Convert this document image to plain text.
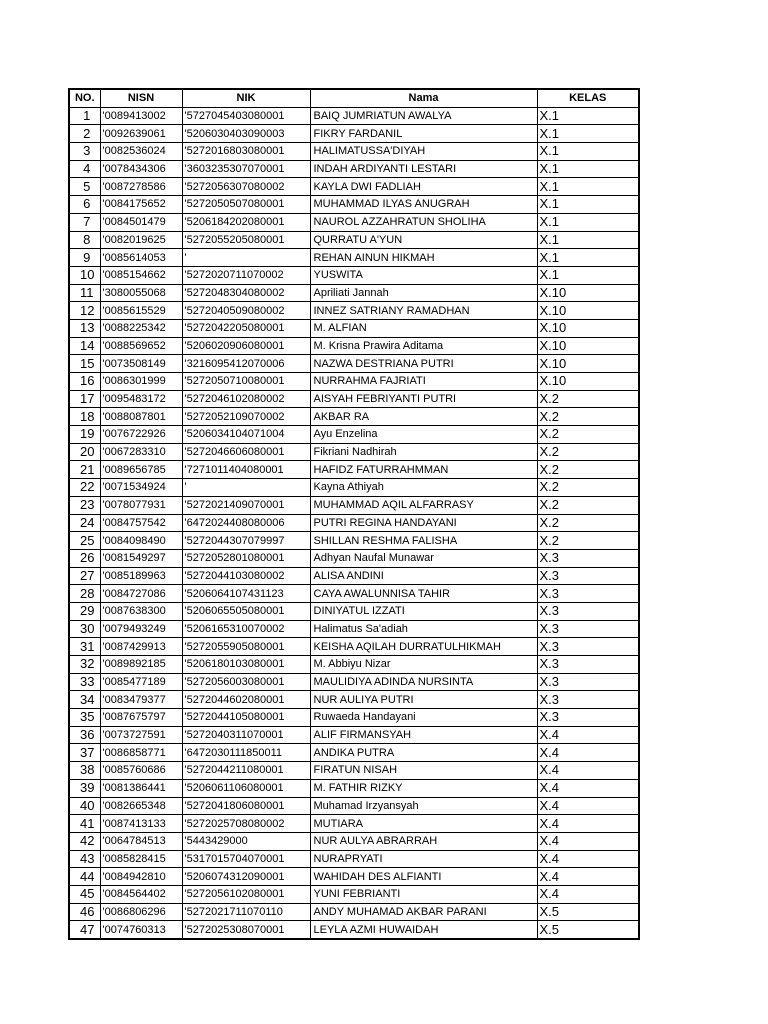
NO.	NISN	NIK	Nama	KELAS
1	'0089413002	'5727045403080001	BAIQ JUMRIATUN AWALYA	X.1
2	'0092639061	'5206030403090003	FIKRY FARDANIL	X.1
3	'0082536024	'5272016803080001	HALIMATUSSA'DIYAH	X.1
4	'0078434306	'3603235307070001	INDAH ARDIYANTI LESTARI	X.1
5	'0087278586	'5272056307080002	KAYLA DWI FADLIAH	X.1
6	'0084175652	'5272050507080001	MUHAMMAD ILYAS ANUGRAH	X.1
7	'0084501479	'5206184202080001	NAUROL AZZAHRATUN SHOLIHA	X.1
8	'0082019625	'5272055205080001	QURRATU A'YUN	X.1
9	'0085614053	'	REHAN AINUN HIKMAH	X.1
10	'0085154662	'5272020711070002	YUSWITA	X.1
11	'3080055068	'5272048304080002	Apriliati Jannah	X.10
12	'0085615529	'5272040509080002	INNEZ SATRIANY RAMADHAN	X.10
13	'0088225342	'5272042205080001	M. ALFIAN	X.10
14	'0088569652	'5206020906080001	M. Krisna Prawira Aditama	X.10
15	'0073508149	'3216095412070006	NAZWA DESTRIANA PUTRI	X.10
16	'0086301999	'5272050710080001	NURRAHMA FAJRIATI	X.10
17	'0095483172	'5272046102080002	AISYAH FEBRIYANTI PUTRI	X.2
18	'0088087801	'5272052109070002	AKBAR RA	X.2
19	'0076722926	'5206034104071004	Ayu Enzelina	X.2
20	'0067283310	'5272046606080001	Fikriani Nadhirah	X.2
21	'0089656785	'7271011404080001	HAFIDZ FATURRAHMMAN	X.2
22	'0071534924	'	Kayna Athiyah	X.2
23	'0078077931	'5272021409070001	MUHAMMAD AQIL ALFARRASY	X.2
24	'0084757542	'6472024408080006	PUTRI REGINA HANDAYANI	X.2
25	'0084098490	'5272044307079997	SHILLAN RESHMA FALISHA	X.2
26	'0081549297	'5272052801080001	Adhyan Naufal Munawar	X.3
27	'0085189963	'5272044103080002	ALISA ANDINI	X.3
28	'0084727086	'5206064107431123	CAYA AWALUNNISA TAHIR	X.3
29	'0087638300	'5206065505080001	DINIYATUL IZZATI	X.3
30	'0079493249	'5206165310070002	Halimatus Sa'adiah	X.3
31	'0087429913	'5272055905080001	KEISHA AQILAH DURRATULHIKMAH	X.3
32	'0089892185	'5206180103080001	M. Abbiyu Nizar	X.3
33	'0085477189	'5272056003080001	MAULIDIYA ADINDA NURSINTA	X.3
34	'0083479377	'5272044602080001	NUR AULIYA PUTRI	X.3
35	'0087675797	'5272044105080001	Ruwaeda Handayani	X.3
36	'0073727591	'5272040311070001	ALIF FIRMANSYAH	X.4
37	'0086858771	'6472030111850011	ANDIKA PUTRA	X.4
38	'0085760686	'5272044211080001	FIRATUN NISAH	X.4
39	'0081386441	'5206061106080001	M. FATHIR RIZKY	X.4
40	'0082665348	'5272041806080001	Muhamad Irzyansyah	X.4
41	'0087413133	'5272025708080002	MUTIARA	X.4
42	'0064784513	'5443429000	NUR AULYA ABRARRAH	X.4
43	'0085828415	'5317015704070001	NURAPRYATI	X.4
44	'0084942810	'5206074312090001	WAHIDAH DES ALFIANTI	X.4
45	'0084564402	'5272056102080001	YUNI FEBRIANTI	X.4
46	'0086806296	'5272021711070110	ANDY MUHAMAD AKBAR PARANI	X.5
47	'0074760313	'5272025308070001	LEYLA AZMI HUWAIDAH	X.5
